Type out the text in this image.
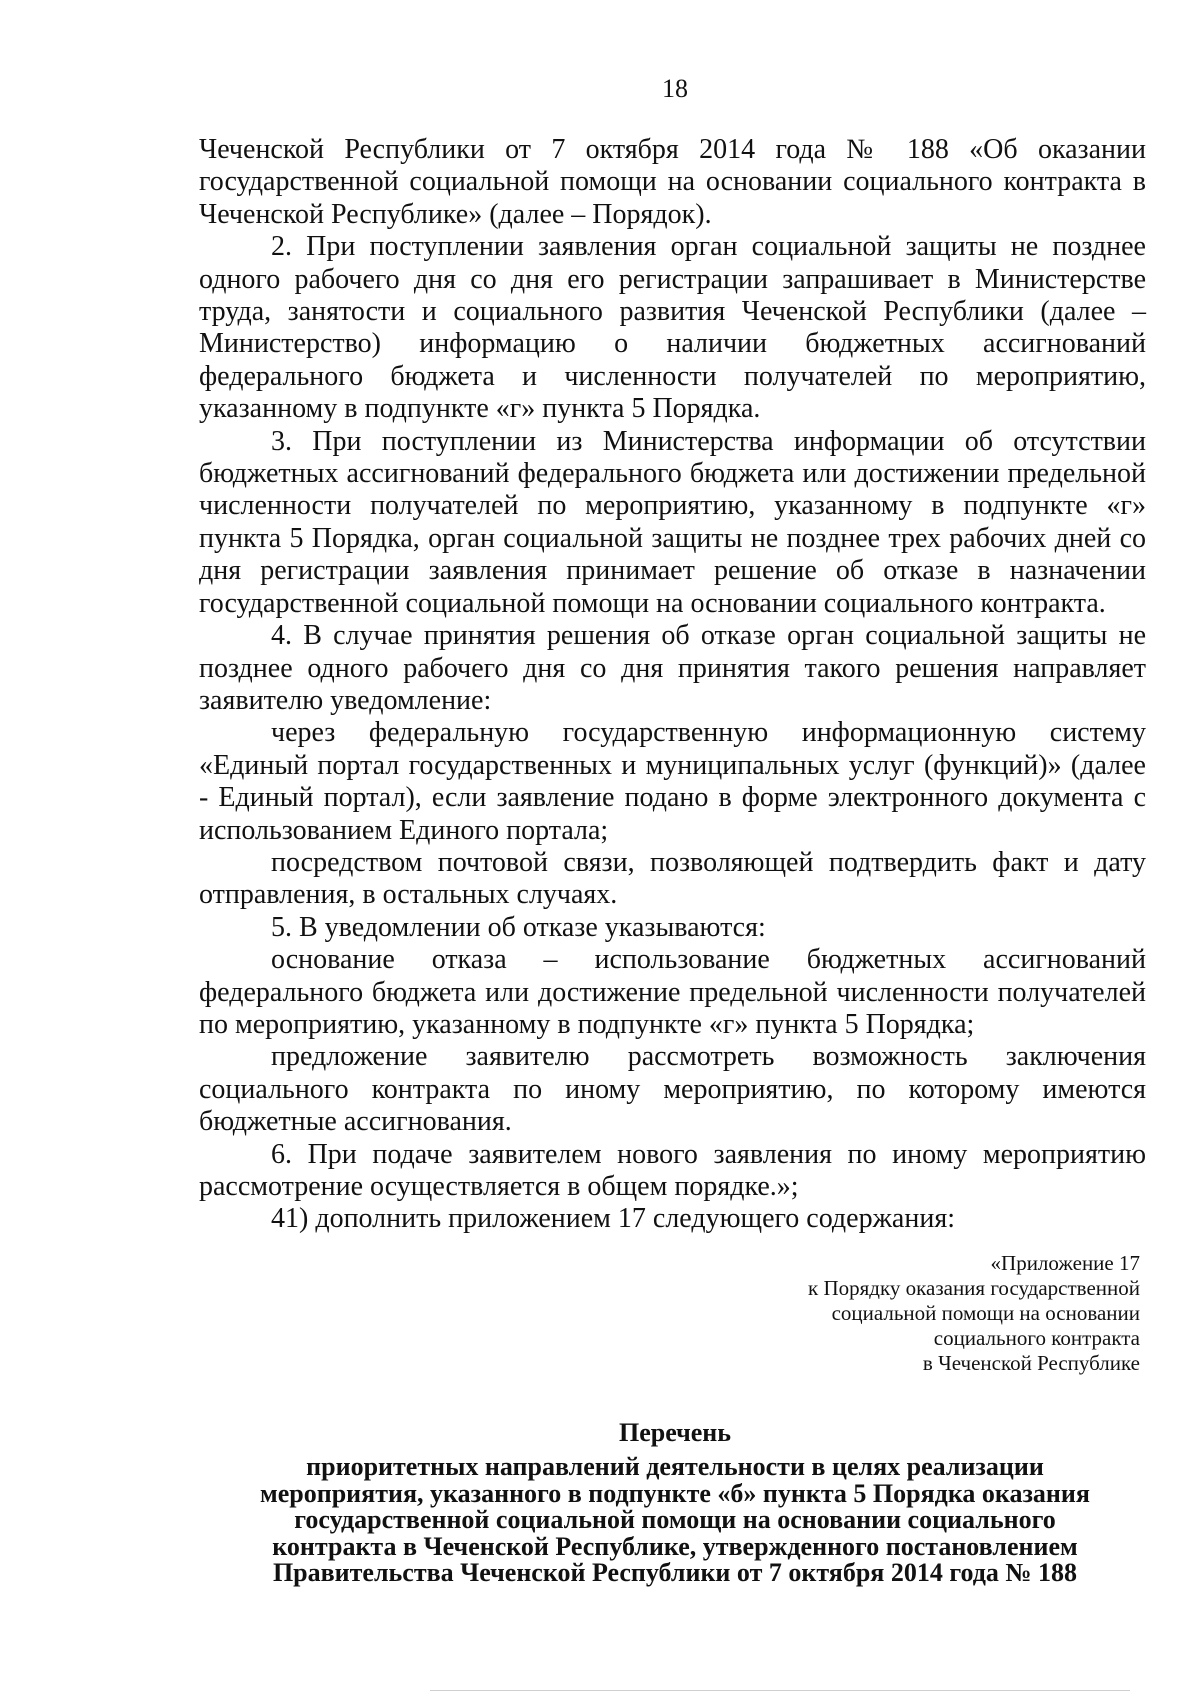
18

Чеченской Республики от 7 октября 2014 года № 188 «Об оказании государственной социальной помощи на основании социального контракта в Чеченской Республике» (далее – Порядок).

2. При поступлении заявления орган социальной защиты не позднее одного рабочего дня со дня его регистрации запрашивает в Министерстве труда, занятости и социального развития Чеченской Республики (далее – Министерство) информацию о наличии бюджетных ассигнований федерального бюджета и численности получателей по мероприятию, указанному в подпункте «г» пункта 5 Порядка.

3. При поступлении из Министерства информации об отсутствии бюджетных ассигнований федерального бюджета или достижении предельной численности получателей по мероприятию, указанному в подпункте «г» пункта 5 Порядка, орган социальной защиты не позднее трех рабочих дней со дня регистрации заявления принимает решение об отказе в назначении государственной социальной помощи на основании социального контракта.

4. В случае принятия решения об отказе орган социальной защиты не позднее одного рабочего дня со дня принятия такого решения направляет заявителю уведомление:

через федеральную государственную информационную систему «Единый портал государственных и муниципальных услуг (функций)» (далее - Единый портал), если заявление подано в форме электронного документа с использованием Единого портала;

посредством почтовой связи, позволяющей подтвердить факт и дату отправления, в остальных случаях.

5. В уведомлении об отказе указываются:

основание отказа – использование бюджетных ассигнований федерального бюджета или достижение предельной численности получателей по мероприятию, указанному в подпункте «г» пункта 5 Порядка;

предложение заявителю рассмотреть возможность заключения социального контракта по иному мероприятию, по которому имеются бюджетные ассигнования.

6. При подаче заявителем нового заявления по иному мероприятию рассмотрение осуществляется в общем порядке.»;

41) дополнить приложением 17 следующего содержания:

«Приложение 17
к Порядку оказания государственной
социальной помощи на основании
социального контракта
в Чеченской Республике
Перечень
приоритетных направлений деятельности в целях реализации
мероприятия, указанного в подпункте «б» пункта 5 Порядка оказания
государственной социальной помощи на основании социального
контракта в Чеченской Республике, утвержденного постановлением
Правительства Чеченской Республики от 7 октября 2014 года № 188
